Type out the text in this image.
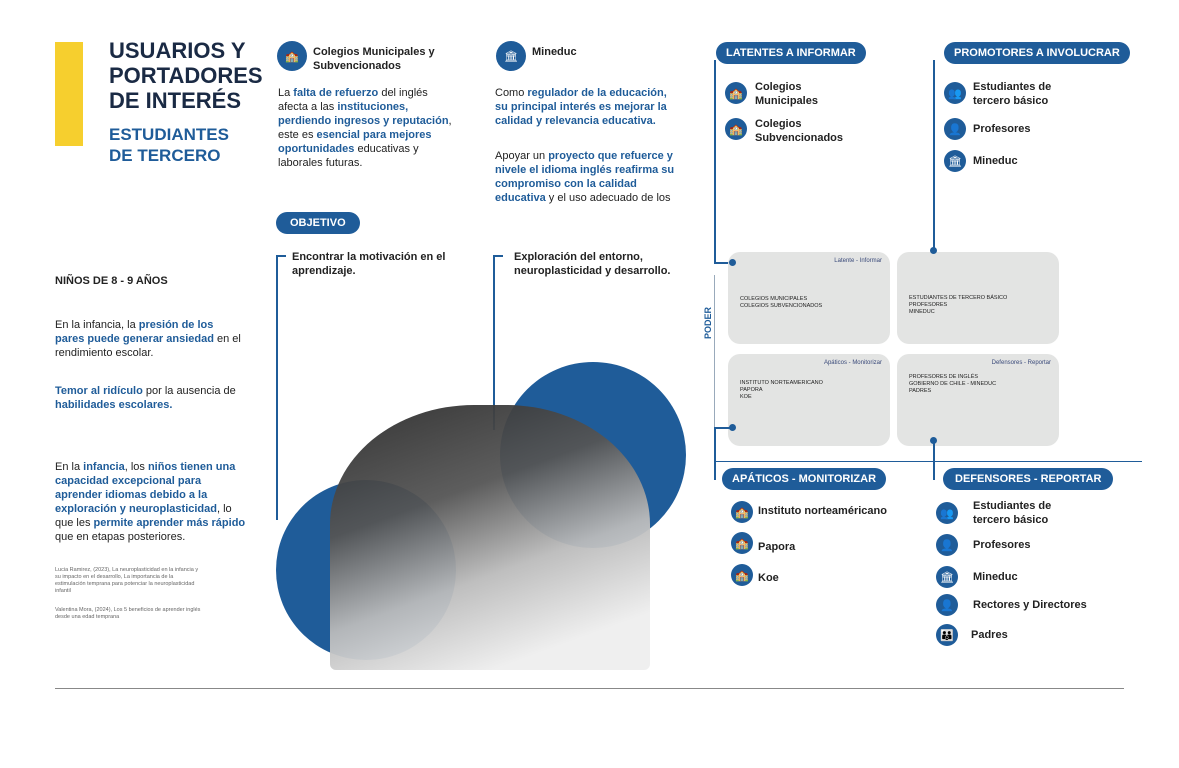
USUARIOS Y
PORTADORES
DE INTERÉS
ESTUDIANTES
DE TERCERO
NIÑOS DE 8 - 9 AÑOS
En la infancia, la presión de los pares puede generar ansiedad en el rendimiento escolar.
Temor al ridículo por la ausencia de habilidades escolares.
En la infancia, los niños tienen una capacidad excepcional para aprender idiomas debido a la exploración y neuroplasticidad, lo que les permite aprender más rápido que en etapas posteriores.
Lucia Ramirez, (2023), La neuroplasticidad en la infancia y su impacto en el desarrollo, La importancia de la estimulación temprana para potenciar la neuroplasticidad infantil
Valentina Mora, (2024), Los 5 beneficios de aprender inglés desde una edad temprana
🏫	Colegios Municipales y Subvencionados
La falta de refuerzo del inglés afecta a las instituciones, perdiendo ingresos y reputación, este es esencial para mejores oportunidades educativas y laborales futuras.
🏛	Mineduc
Como regulador de la educación, su principal interés es mejorar la calidad y relevancia educativa.
Apoyar un proyecto que refuerce y nivele el idioma inglés reafirma su compromiso con la calidad educativa y el uso adecuado de los
OBJETIVO
Encontrar la motivación en el aprendizaje.
Exploración del entorno, neuroplasticidad y desarrollo.
LATENTES A INFORMAR	PROMOTORES A INVOLUCRAR
🏫
Colegios Municipales
🏫	Colegios Subvencionados
👥
Estudiantes de tercero básico
👤	Profesores
🏛	Mineduc
PODER
Latente - Informar
COLEGIOS MUNICIPALES
COLEGIOS SUBVENCIONADOS
ESTUDIANTES DE TERCERO BÁSICO
PROFESORES
MINEDUC
Apáticos - Monitorizar
INSTITUTO NORTEAMERICANO
PAPORA
KOE
Defensores - Reportar
PROFESORES DE INGLÉS
GOBIERNO DE CHILE - MINEDUC
PADRES
APÁTICOS - MONITORIZAR	DEFENSORES - REPORTAR
🏫 Instituto norteaméricano
🏫 Papora
🏫 Koe
👥
Estudiantes de tercero básico
👤	Profesores
🏛	Mineduc
👤	Rectores y Directores
👪	Padres
